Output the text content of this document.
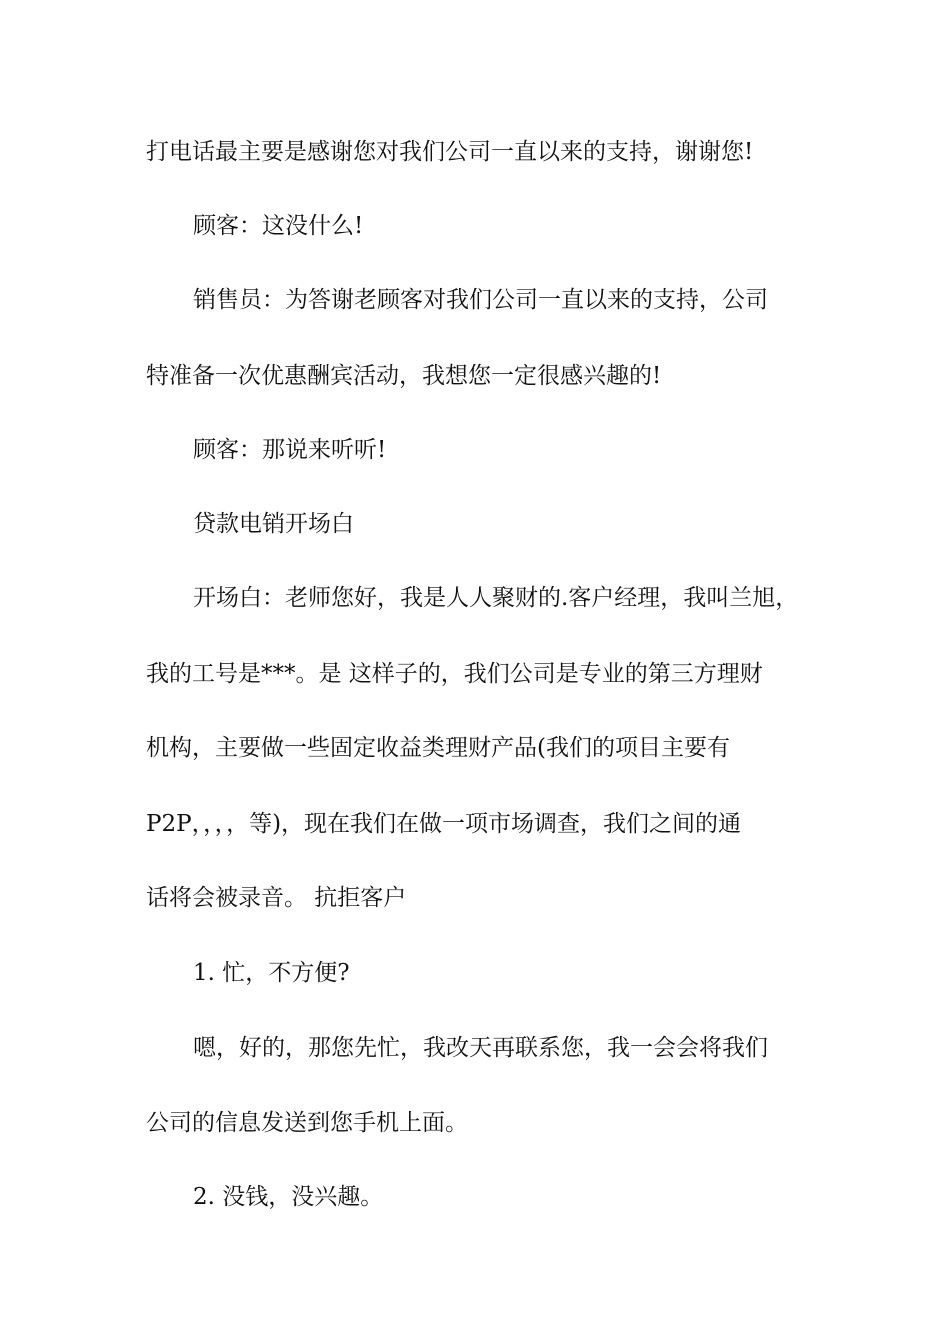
打电话最主要是感谢您对我们公司一直以来的支持，谢谢您!
顾客：这没什么!
销售员：为答谢老顾客对我们公司一直以来的支持，公司
特准备一次优惠酬宾活动，我想您一定很感兴趣的!
顾客：那说来听听!
贷款电销开场白
开场白：老师您好，我是人人聚财的.客户经理，我叫兰旭，
我的工号是***。是 这样子的，我们公司是专业的第三方理财
机构，主要做一些固定收益类理财产品(我们的项目主要有
P2P，，，，等)，现在我们在做一项市场调查，我们之间的通
话将会被录音。 抗拒客户
1. 忙，不方便?
嗯，好的，那您先忙，我改天再联系您，我一会会将我们
公司的信息发送到您手机上面。
2. 没钱，没兴趣。
